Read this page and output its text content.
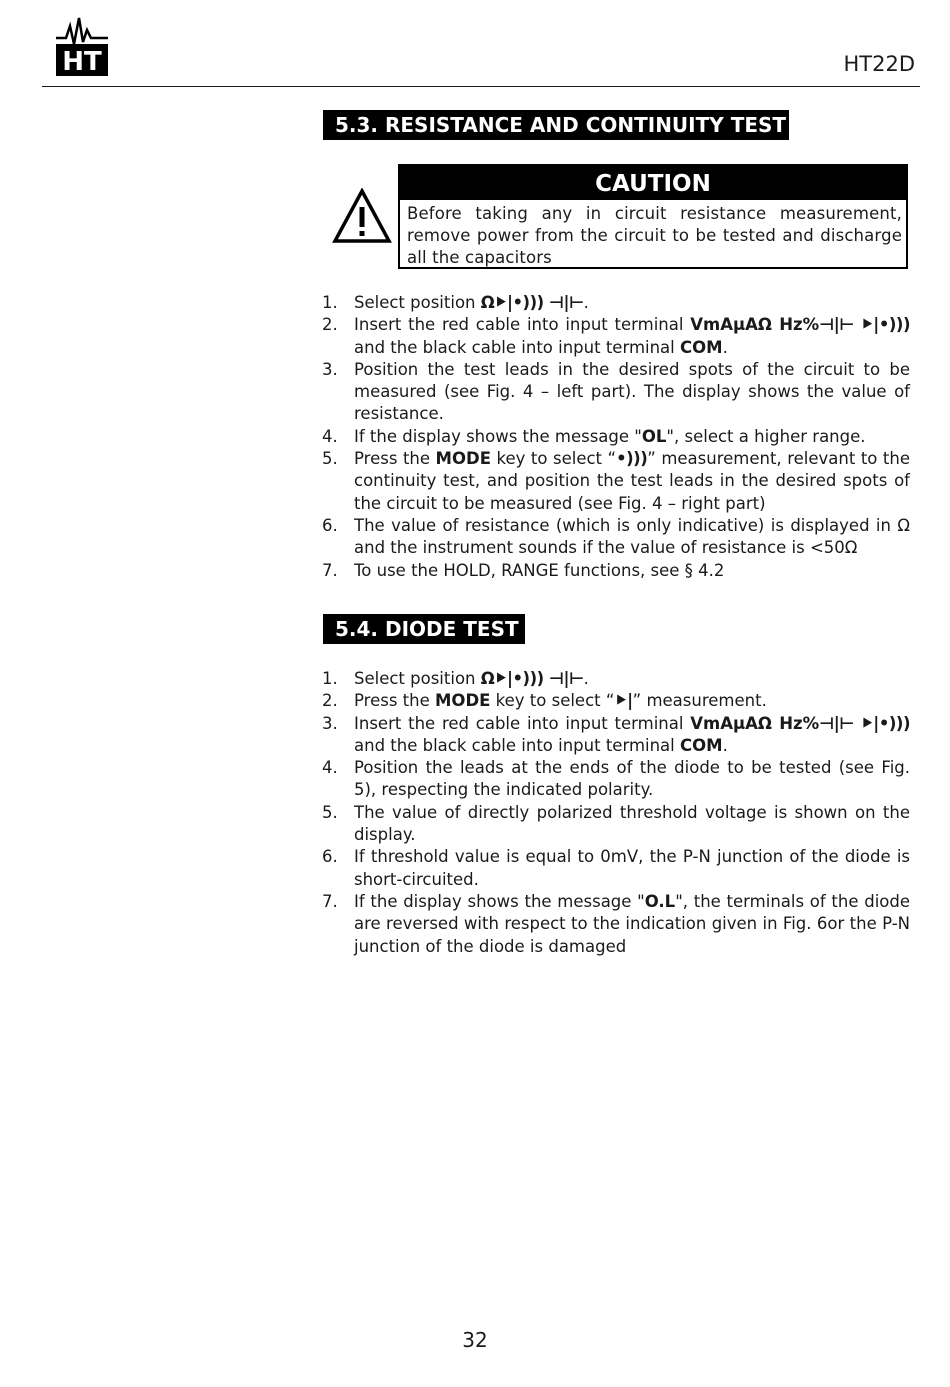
HT	HT22D
5.3. RESISTANCE AND CONTINUITY TEST
CAUTION
Before taking any in circuit resistance measurement, remove power from the circuit to be tested and discharge all the capacitors
1. Select position Ω⯈|•))) ⊣|⊢.
2. Insert the red cable into input terminal VmAμAΩ Hz%⊣|⊢ ⯈|•))) and the black cable into input terminal COM.
3. Position the test leads in the desired spots of the circuit to be measured (see Fig. 4 – left part). The display shows the value of resistance.
4. If the display shows the message "OL", select a higher range.
5. Press the MODE key to select “•)))” measurement, relevant to the continuity test, and position the test leads in the desired spots of the circuit to be measured (see Fig. 4 – right part)
6. The value of resistance (which is only indicative) is displayed in Ω and the instrument sounds if the value of resistance is <50Ω
7. To use the HOLD, RANGE functions, see § 4.2
5.4. DIODE TEST
1. Select position Ω⯈|•))) ⊣|⊢.
2. Press the MODE key to select “⯈|” measurement.
3. Insert the red cable into input terminal VmAμAΩ Hz%⊣|⊢ ⯈|•))) and the black cable into input terminal COM.
4. Position the leads at the ends of the diode to be tested (see Fig. 5), respecting the indicated polarity.
5. The value of directly polarized threshold voltage is shown on the display.
6. If threshold value is equal to 0mV, the P-N junction of the diode is short-circuited.
7. If the display shows the message "O.L", the terminals of the diode are reversed with respect to the indication given in Fig. 6or the P-N junction of the diode is damaged
32
